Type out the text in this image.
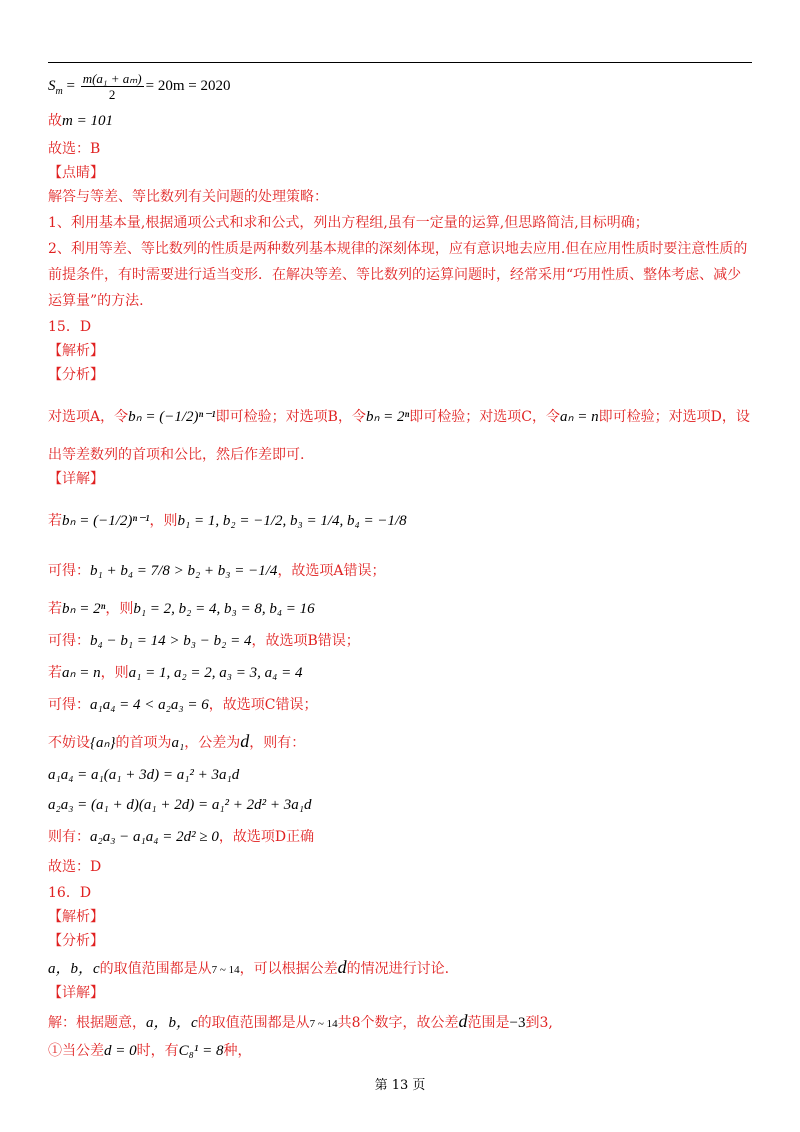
$S_m = \frac{\text{m(a₁ + aₘ)}}{2} = 20m = 2020$
故m = 101
故选：B
【点睛】
解答与等差、等比数列有关问题的处理策略：
1、利用基本量,根据通项公式和求和公式，列出方程组,虽有一定量的运算,但思路简洁,目标明确；
2、利用等差、等比数列的性质是两种数列基本规律的深刻体现，应有意识地去应用.但在应用性质时要注意性质的
前提条件，有时需要进行适当变形．在解决等差、等比数列的运算问题时，经常采用“巧用性质、整体考虑、减少
运算量”的方法.
15．D
【解析】
【分析】
对选项A，令bₙ = (−1/2)ⁿ⁻¹即可检验；对选项B，令bₙ = 2ⁿ即可检验；对选项C，令aₙ = n即可检验；对选项D，设
出等差数列的首项和公比，然后作差即可.
【详解】
若bₙ = (−1/2)ⁿ⁻¹，则b₁ = 1, b₂ = −1/2, b₃ = 1/4, b₄ = −1/8
可得：b₁ + b₄ = 7/8 > b₂ + b₃ = −1/4，故选项A错误；
若bₙ = 2ⁿ，则b₁ = 2, b₂ = 4, b₃ = 8, b₄ = 16
可得：b₄ − b₁ = 14 > b₃ − b₂ = 4，故选项B错误；
若aₙ = n，则a₁ = 1, a₂ = 2, a₃ = 3, a₄ = 4
可得：a₁a₄ = 4 < a₂a₃ = 6，故选项C错误；
不妨设{aₙ}的首项为a₁，公差为d，则有：
a₁a₄ = a₁(a₁ + 3d) = a₁² + 3a₁d
a₂a₃ = (a₁ + d)(a₁ + 2d) = a₁² + 2d² + 3a₁d
则有：a₂a₃ − a₁a₄ = 2d² ≥ 0，故选项D正确
故选：D
16．D
【解析】
【分析】
a，b，c的取值范围都是从7 ~ 14，可以根据公差d的情况进行讨论.
【详解】
解：根据题意，a，b，c的取值范围都是从7 ~ 14共8个数字，故公差d范围是−3到3,
①当公差d = 0时，有C₈¹ = 8种，
第 13 页
